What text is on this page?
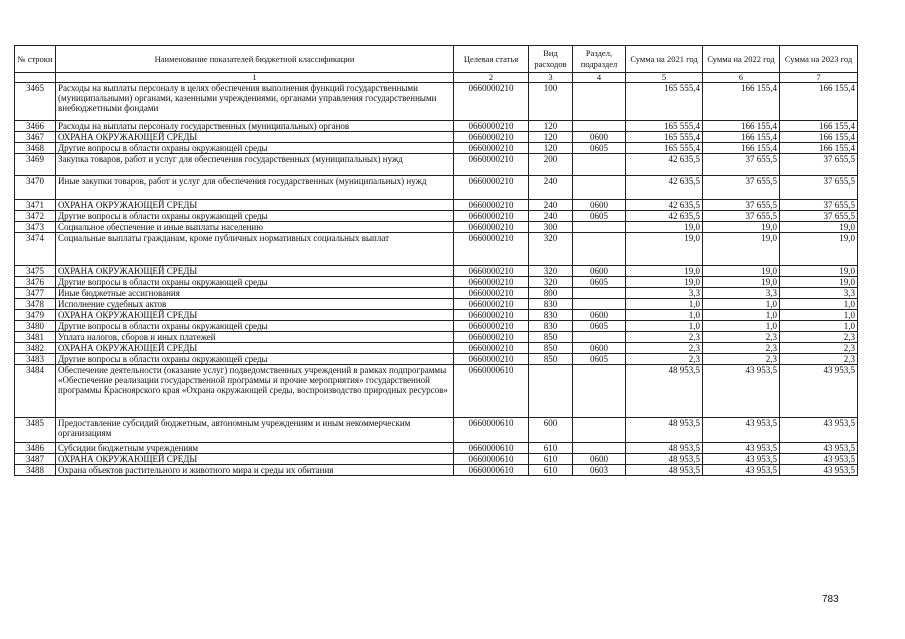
№ строки	Наименование показателей бюджетной классификации	Целевая статья	Вид расходов	Раздел, подраздел	Сумма на 2021 год	Сумма на 2022 год	Сумма на 2023 год
	1	2	3	4	5	6	7
3465	Расходы на выплаты персоналу в целях обеспечения выполнения функций государственными (муниципальными) органами, казенными учреждениями, органами управления государственными внебюджетными фондами	0660000210	100		165 555,4	166 155,4	166 155,4
3466	Расходы на выплаты персоналу государственных (муниципальных) органов	0660000210	120		165 555,4	166 155,4	166 155,4
3467	ОХРАНА ОКРУЖАЮЩЕЙ СРЕДЫ	0660000210	120	0600	165 555,4	166 155,4	166 155,4
3468	Другие вопросы в области охраны окружающей среды	0660000210	120	0605	165 555,4	166 155,4	166 155,4
3469	Закупка товаров, работ и услуг для обеспечения государственных (муниципальных) нужд	0660000210	200		42 635,5	37 655,5	37 655,5
3470	Иные закупки товаров, работ и услуг для обеспечения государственных (муниципальных) нужд	0660000210	240		42 635,5	37 655,5	37 655,5
3471	ОХРАНА ОКРУЖАЮЩЕЙ СРЕДЫ	0660000210	240	0600	42 635,5	37 655,5	37 655,5
3472	Другие вопросы в области охраны окружающей среды	0660000210	240	0605	42 635,5	37 655,5	37 655,5
3473	Социальное обеспечение и иные выплаты населению	0660000210	300		19,0	19,0	19,0
3474	Социальные выплаты гражданам, кроме публичных нормативных социальных выплат	0660000210	320		19,0	19,0	19,0
3475	ОХРАНА ОКРУЖАЮЩЕЙ СРЕДЫ	0660000210	320	0600	19,0	19,0	19,0
3476	Другие вопросы в области охраны окружающей среды	0660000210	320	0605	19,0	19,0	19,0
3477	Иные бюджетные ассигнования	0660000210	800		3,3	3,3	3,3
3478	Исполнение судебных актов	0660000210	830		1,0	1,0	1,0
3479	ОХРАНА ОКРУЖАЮЩЕЙ СРЕДЫ	0660000210	830	0600	1,0	1,0	1,0
3480	Другие вопросы в области охраны окружающей среды	0660000210	830	0605	1,0	1,0	1,0
3481	Уплата налогов, сборов и иных платежей	0660000210	850		2,3	2,3	2,3
3482	ОХРАНА ОКРУЖАЮЩЕЙ СРЕДЫ	0660000210	850	0600	2,3	2,3	2,3
3483	Другие вопросы в области охраны окружающей среды	0660000210	850	0605	2,3	2,3	2,3
3484	Обеспечение деятельности (оказание услуг) подведомственных учреждений в рамках подпрограммы «Обеспечение реализации государственной программы и прочие мероприятия» государственной программы Красноярского края «Охрана окружающей среды, воспроизводство природных ресурсов»	0660000610			48 953,5	43 953,5	43 953,5
3485	Предоставление субсидий бюджетным, автономным учреждениям и иным некоммерческим организациям	0660000610	600		48 953,5	43 953,5	43 953,5
3486	Субсидии бюджетным учреждениям	0660000610	610		48 953,5	43 953,5	43 953,5
3487	ОХРАНА ОКРУЖАЮЩЕЙ СРЕДЫ	0660000610	610	0600	48 953,5	43 953,5	43 953,5
3488	Охрана объектов растительного и животного мира и среды их обитания	0660000610	610	0603	48 953,5	43 953,5	43 953,5
783
